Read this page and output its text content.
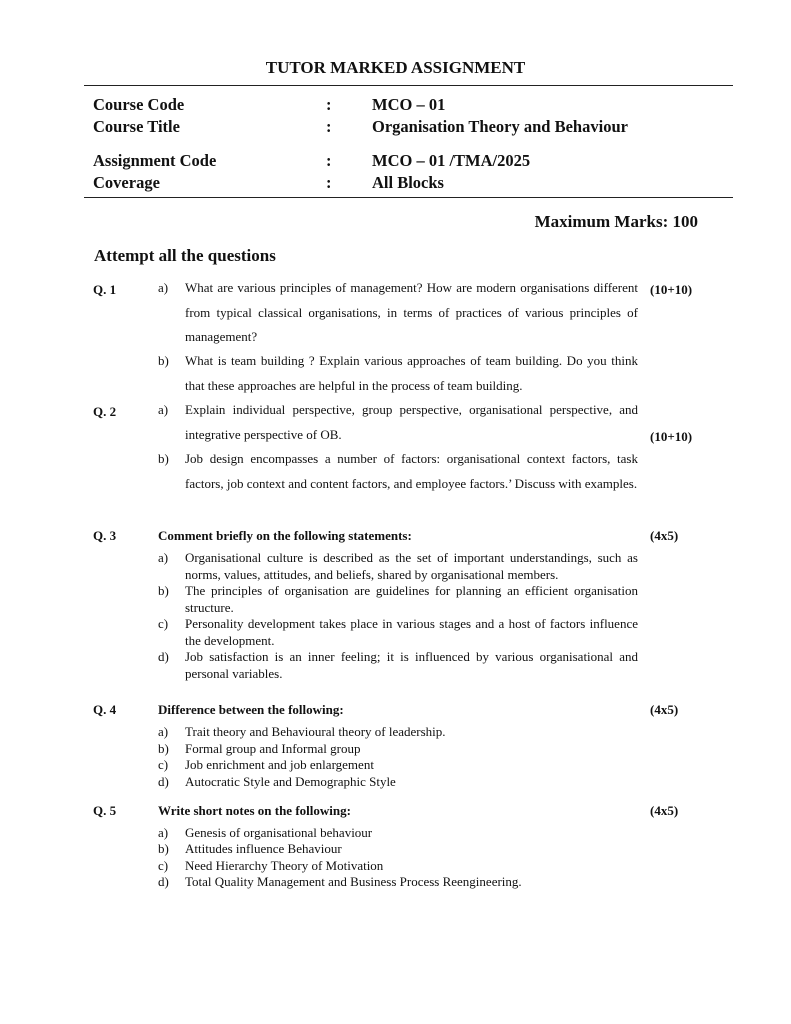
TUTOR MARKED ASSIGNMENT
Course Code	: MCO – 01
Course Title	: Organisation Theory and Behaviour
Assignment Code	: MCO – 01 /TMA/2025
Coverage	: All Blocks
Maximum Marks: 100
Attempt all the questions
Q. 1	(10+10)
a) What are various principles of management? How are modern organisations different from typical classical organisations, in terms of practices of various principles of management?
b) What is team building ? Explain various approaches of team building. Do you think that these approaches are helpful in the process of team building.
Q. 2
(10+10)
a) Explain individual perspective, group perspective, organisational perspective, and integrative perspective of OB.
b) Job design encompasses a number of factors: organisational context factors, task factors, job context and content factors, and employee factors.’ Discuss with examples.
Q. 3	Comment briefly on the following statements:	(4x5)
a) Organisational culture is described as the set of important understandings, such as norms, values, attitudes, and beliefs, shared by organisational members.
b) The principles of organisation are guidelines for planning an efficient organisation structure.
c) Personality development takes place in various stages and a host of factors influence the development.
d) Job satisfaction is an inner feeling; it is influenced by various organisational and personal variables.
Q. 4	Difference between the following:	(4x5)
a) Trait theory and Behavioural theory of leadership.
b) Formal group and Informal group
c) Job enrichment and job enlargement
d) Autocratic Style and Demographic Style
Q. 5	Write short notes on the following:	(4x5)
a) Genesis of organisational behaviour
b) Attitudes influence Behaviour
c) Need Hierarchy Theory of Motivation
d) Total Quality Management and Business Process Reengineering.
